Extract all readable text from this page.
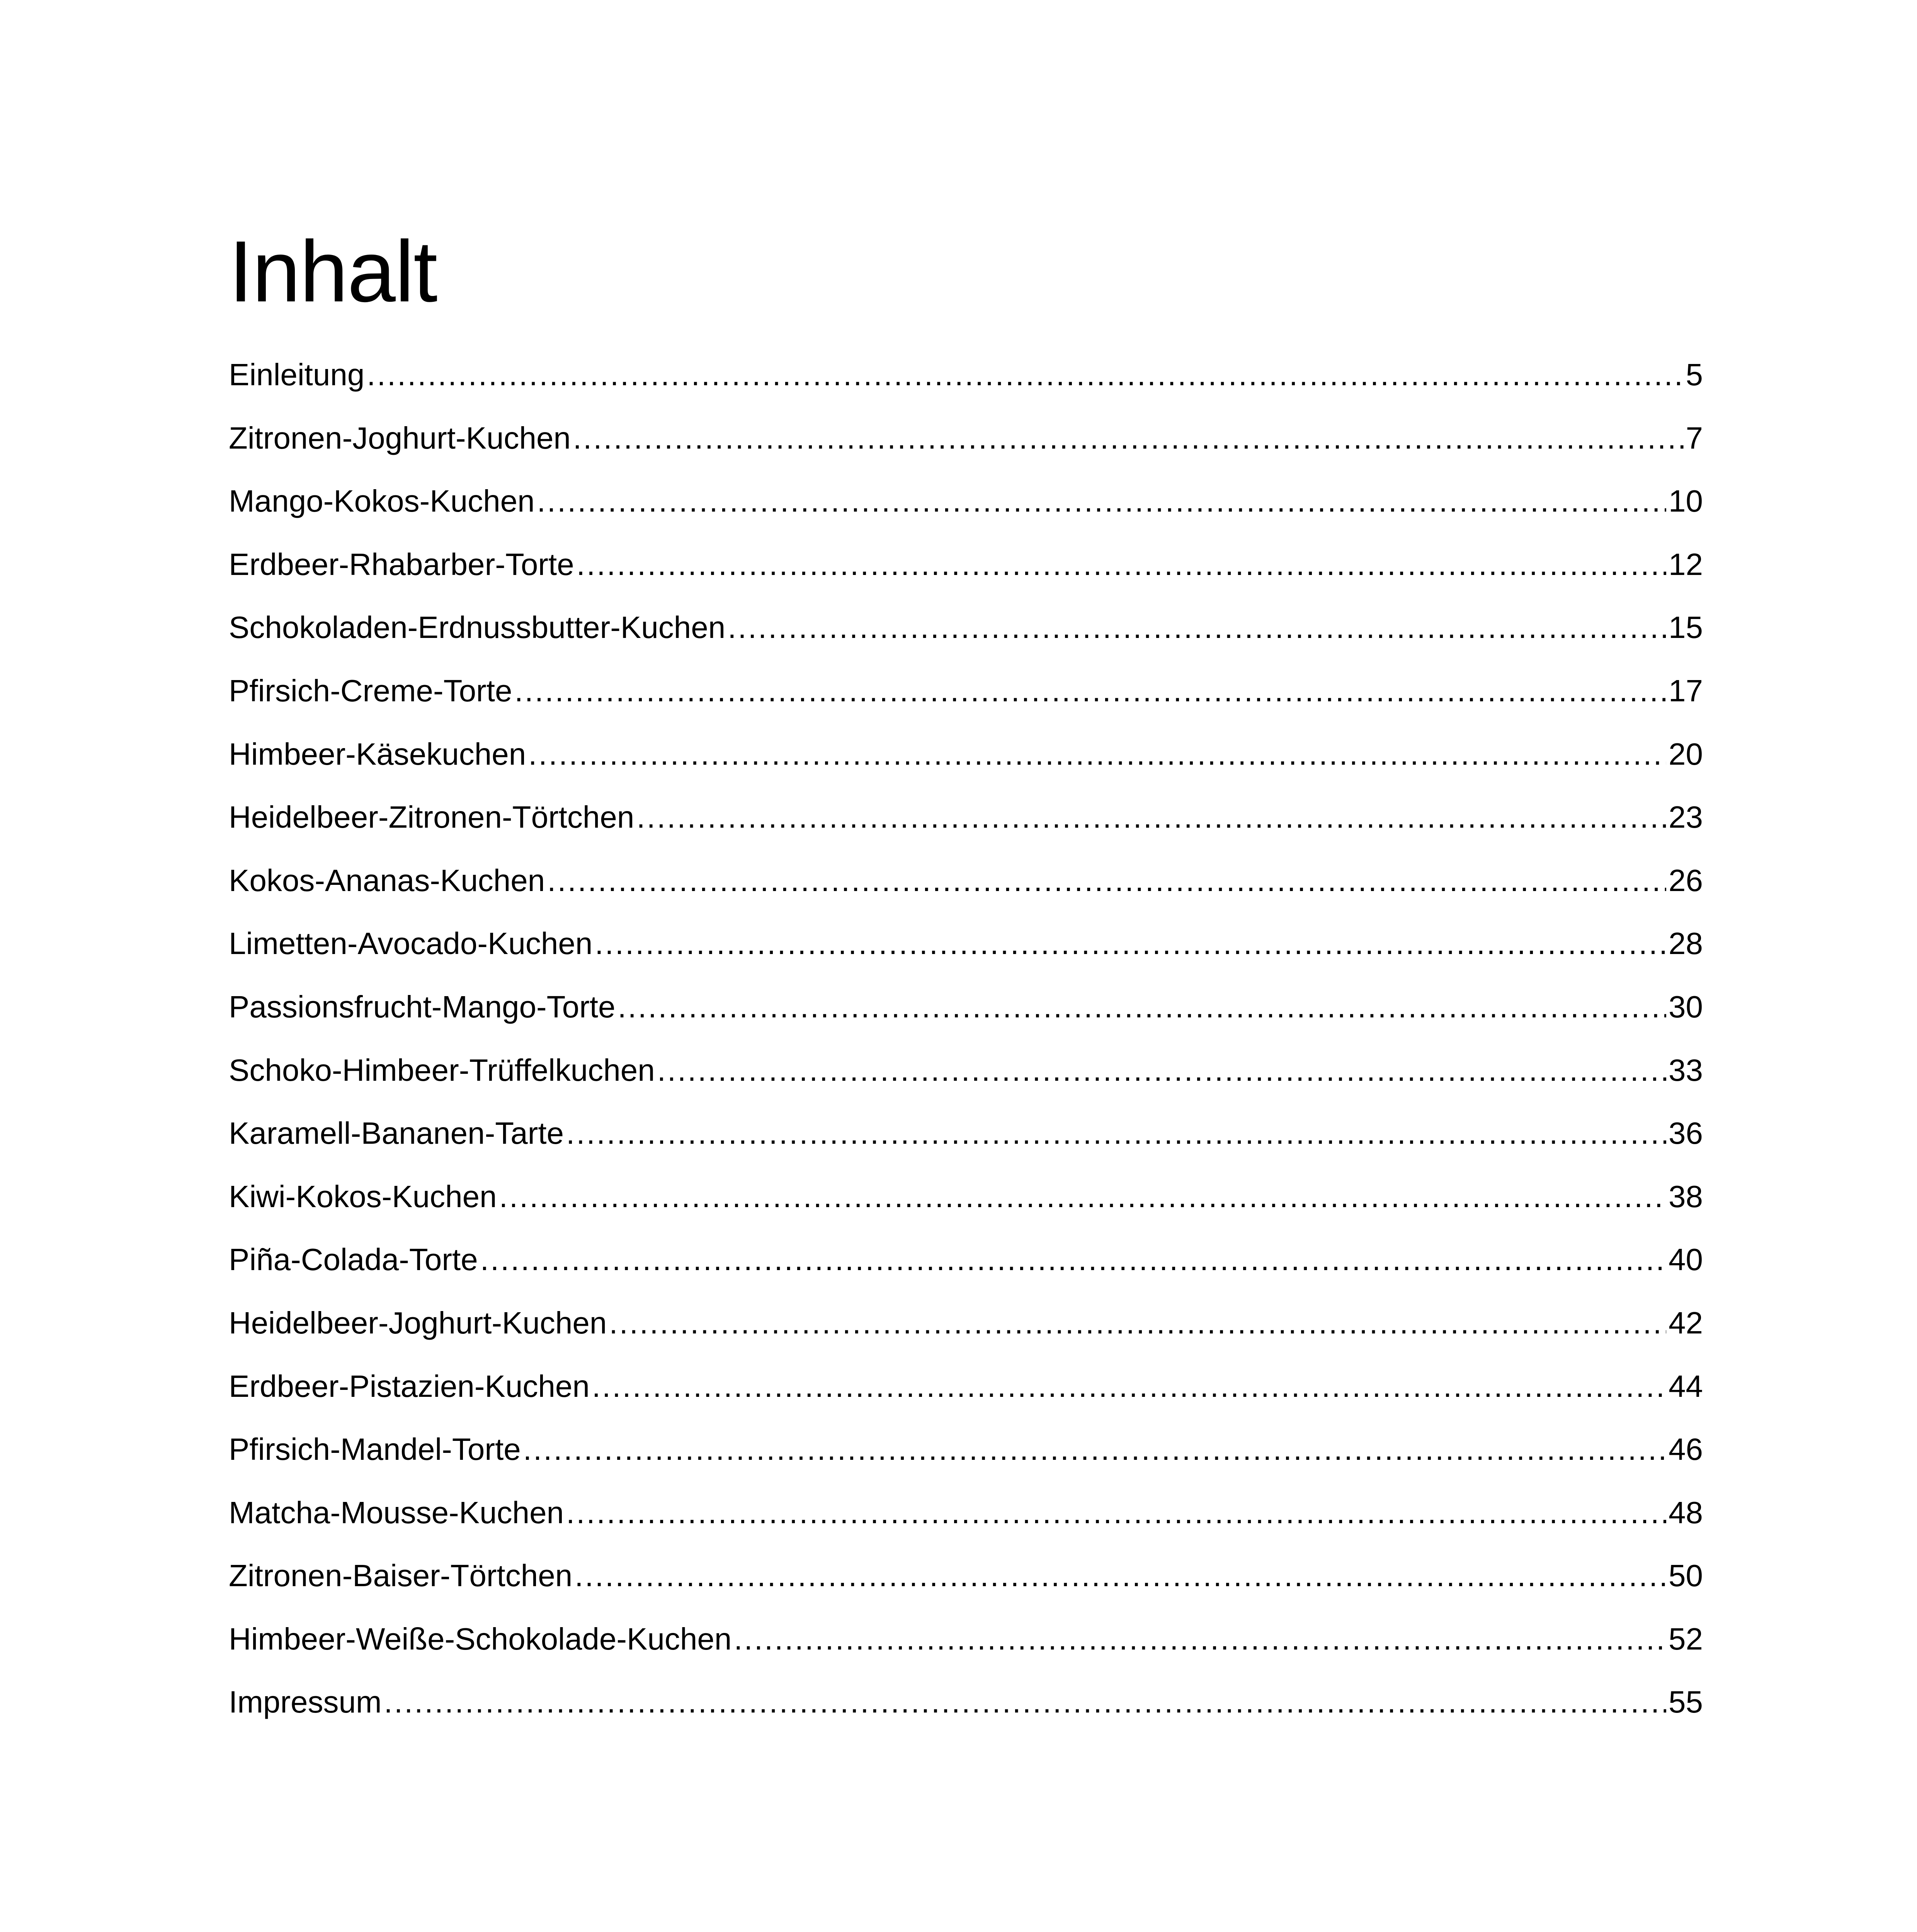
Inhalt
Einleitung .....	5
Zitronen-Joghurt-Kuchen .....	7
Mango-Kokos-Kuchen .....	10
Erdbeer-Rhabarber-Torte .....	12
Schokoladen-Erdnussbutter-Kuchen .....	15
Pfirsich-Creme-Torte .....	17
Himbeer-Käsekuchen .....	20
Heidelbeer-Zitronen-Törtchen .....	23
Kokos-Ananas-Kuchen .....	26
Limetten-Avocado-Kuchen .....	28
Passionsfrucht-Mango-Torte .....	30
Schoko-Himbeer-Trüffelkuchen .....	33
Karamell-Bananen-Tarte .....	36
Kiwi-Kokos-Kuchen .....	38
Piña-Colada-Torte .....	40
Heidelbeer-Joghurt-Kuchen .....	42
Erdbeer-Pistazien-Kuchen .....	44
Pfirsich-Mandel-Torte .....	46
Matcha-Mousse-Kuchen .....	48
Zitronen-Baiser-Törtchen .....	50
Himbeer-Weiße-Schokolade-Kuchen .....	52
Impressum .....	55
